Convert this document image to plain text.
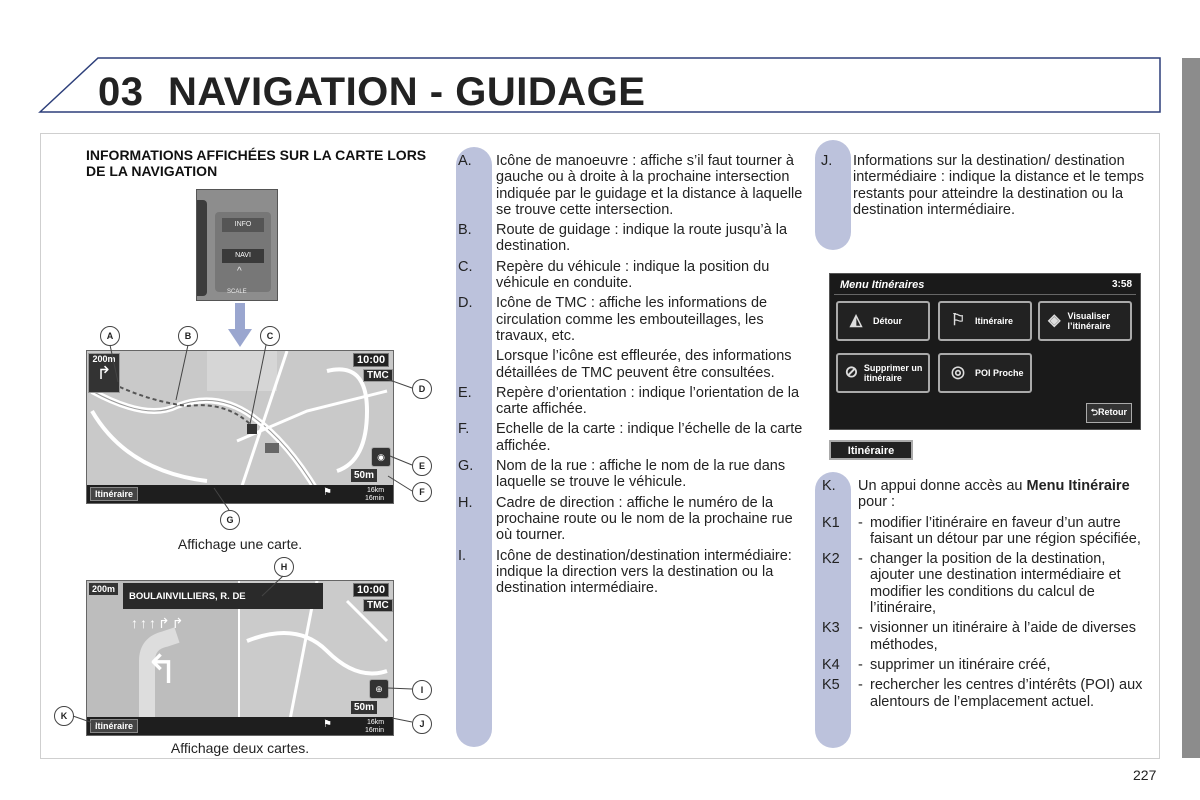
03 NAVIGATION - GUIDAGE
INFORMATIONS AFFICHÉES SUR LA CARTE LORS DE LA NAVIGATION
INFO
NAVI
^
SCALE
200m
↱
10:00
TMC
◉
50m
Itinéraire	⚑	16km
16min
A	B	C
D
E
F
G
Affichage une carte.
200m
BOULAINVILLIERS, R. DE
↑↑↑↱↱
↰
10:00
TMC
⊕
50m
Itinéraire	⚑	16km
16min
H
I
J
K
Affichage deux cartes.
A.	Icône de manoeuvre : affiche s’il faut tourner à gauche ou à droite à la prochaine intersection indiquée par le guidage et la distance à laquelle se trouve cette intersection.

B.	Route de guidage : indique la route jusqu’à la destination.

C.	Repère du véhicule : indique la position du véhicule en conduite.

D.	Icône de TMC : affiche les informations de circulation comme les embouteillages, les travaux, etc.

Lorsque l’icône est effleurée, des informations détaillées de TMC peuvent être consultées.

E.	Repère d’orientation : indique l’orientation de la carte affichée.

F.	Echelle de la carte : indique l’échelle de la carte affichée.

G.	Nom de la rue : affiche le nom de la rue dans laquelle se trouve le véhicule.

H.	Cadre de direction : affiche le numéro de la prochaine route ou le nom de la prochaine rue où tourner.

I.	Icône de destination/destination intermédiaire: indique la direction vers la destination ou la destination intermédiaire.

J.	Informations sur la destination/ destination intermédiaire : indique la distance et le temps restants pour atteindre la destination ou la destination intermédiaire.

Menu Itinéraires	3:58
◭	Détour	⚐	Itinéraire ◈ Visualiser l’itinéraire
⊘ Supprimer un itinéraire	◎	POI Proche
⮌Retour
Itinéraire
K.	Un appui donne accès au Menu Itinéraire pour :
K1	- modifier l’itinéraire en faveur d’un autre faisant un détour par une région spécifiée,
K2	- changer la position de la destination, ajouter une destination intermédiaire et modifier les conditions du calcul de l’itinéraire,
K3	- visionner un itinéraire à l’aide de diverses méthodes,
K4	- supprimer un itinéraire créé,
K5	- rechercher les centres d’intérêts (POI) aux alentours de l’emplacement actuel.
227
